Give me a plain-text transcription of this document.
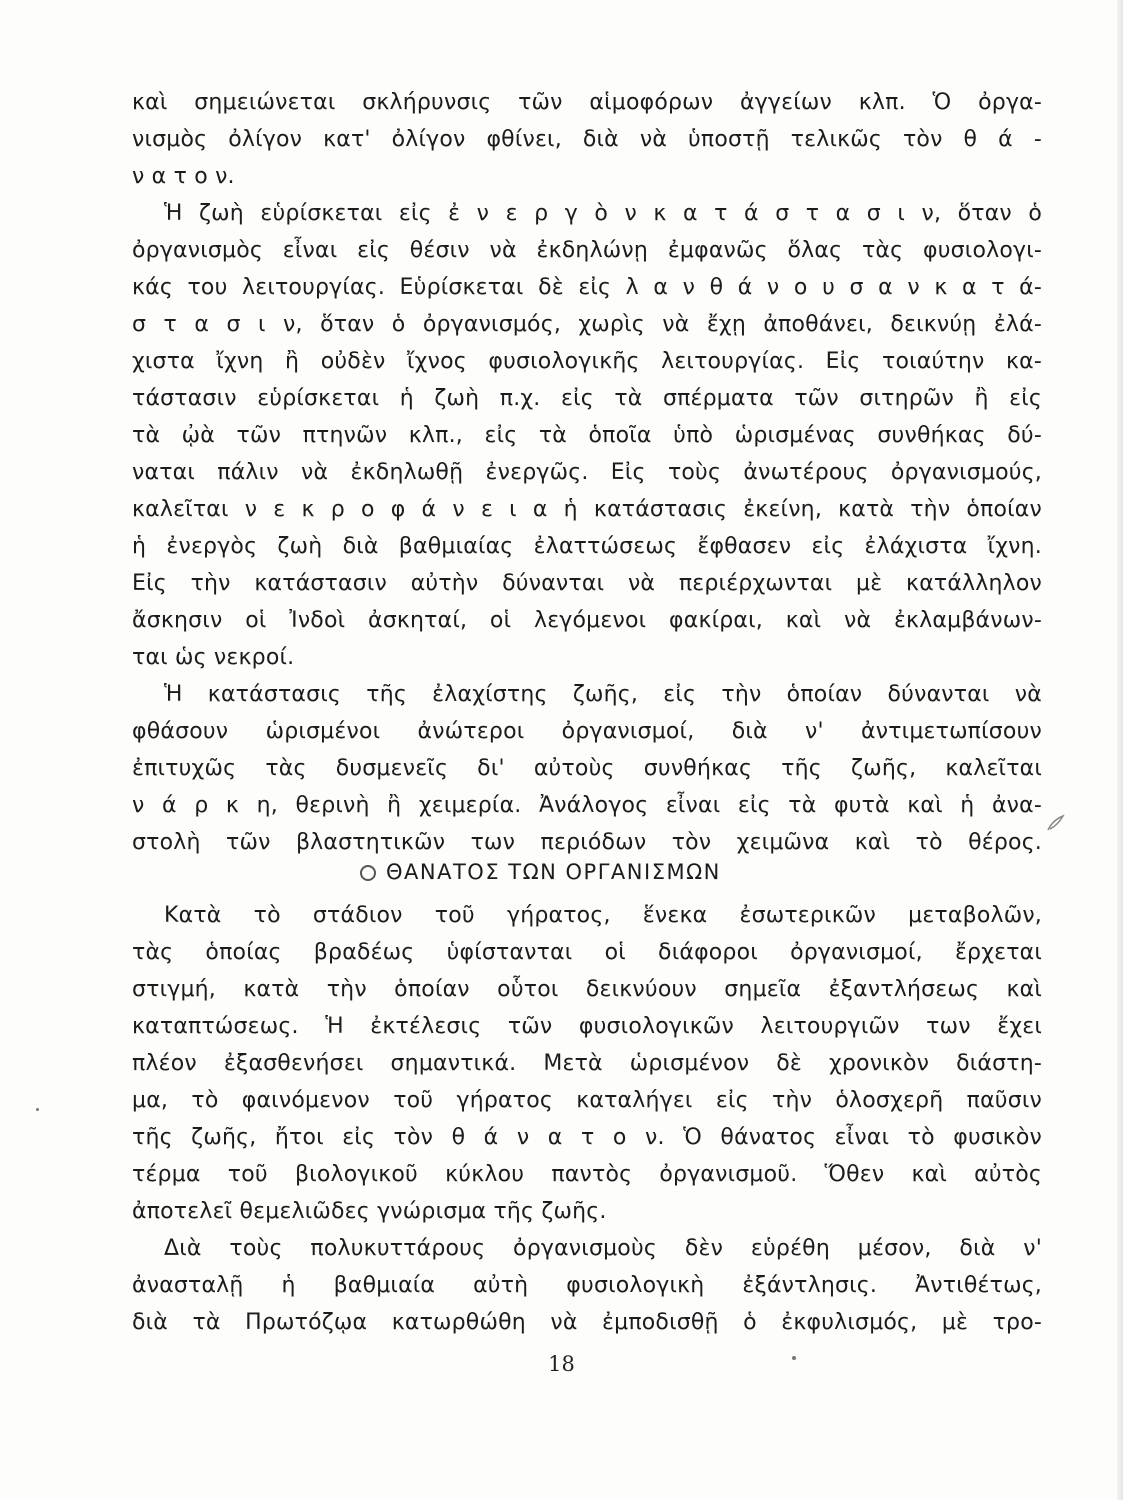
καὶ σημειώνεται σκλήρυνσις τῶν αἱμοφόρων ἀγγείων κλπ. Ὁ ὀργα-
νισμὸς ὀλίγον κατ' ὀλίγον φθίνει, διὰ νὰ ὑποστῇ τελικῶς τὸν θ ά -
ν α τ ο ν.
Ἡ ζωὴ εὑρίσκεται εἰς ἐ ν ε ρ γ ὸ ν κ α τ ά σ τ α σ ι ν, ὅταν ὁ
ὀργανισμὸς εἶναι εἰς θέσιν νὰ ἐκδηλώνῃ ἐμφανῶς ὅλας τὰς φυσιολογι-
κάς του λειτουργίας. Εὑρίσκεται δὲ εἰς λ α ν θ ά ν ο υ σ α ν κ α τ ά-
σ τ α σ ι ν, ὅταν ὁ ὀργανισμός, χωρὶς νὰ ἔχῃ ἀποθάνει, δεικνύῃ ἐλά-
χιστα ἴχνη ἢ οὐδὲν ἴχνος φυσιολογικῆς λειτουργίας. Εἰς τοιαύτην κα-
τάστασιν εὑρίσκεται ἡ ζωὴ π.χ. εἰς τὰ σπέρματα τῶν σιτηρῶν ἢ εἰς
τὰ ᾠὰ τῶν πτηνῶν κλπ., εἰς τὰ ὁποῖα ὑπὸ ὡρισμένας συνθήκας δύ-
ναται πάλιν νὰ ἐκδηλωθῇ ἐνεργῶς. Εἰς τοὺς ἀνωτέρους ὀργανισμούς,
καλεῖται ν ε κ ρ ο φ ά ν ε ι α ἡ κατάστασις ἐκείνη, κατὰ τὴν ὁποίαν
ἡ ἐνεργὸς ζωὴ διὰ βαθμιαίας ἐλαττώσεως ἔφθασεν εἰς ἐλάχιστα ἴχνη.
Εἰς τὴν κατάστασιν αὐτὴν δύνανται νὰ περιέρχωνται μὲ κατάλληλον
ἄσκησιν οἱ Ἰνδοὶ ἀσκηταί, οἱ λεγόμενοι φακίραι, καὶ νὰ ἐκλαμβάνων-
ται ὡς νεκροί.
Ἡ κατάστασις τῆς ἐλαχίστης ζωῆς, εἰς τὴν ὁποίαν δύνανται νὰ
φθάσουν ὡρισμένοι ἀνώτεροι ὀργανισμοί, διὰ ν' ἀντιμετωπίσουν
ἐπιτυχῶς τὰς δυσμενεῖς δι' αὐτοὺς συνθήκας τῆς ζωῆς, καλεῖται
ν ά ρ κ η, θερινὴ ἢ χειμερία. Ἀνάλογος εἶναι εἰς τὰ φυτὰ καὶ ἡ ἀνα-
στολὴ τῶν βλαστητικῶν των περιόδων τὸν χειμῶνα καὶ τὸ θέρος.
ΘΑΝΑΤΟΣ ΤΩΝ ΟΡΓΑΝΙΣΜΩΝ
Κατὰ τὸ στάδιον τοῦ γήρατος, ἕνεκα ἐσωτερικῶν μεταβολῶν,
τὰς ὁποίας βραδέως ὑφίστανται οἱ διάφοροι ὀργανισμοί, ἔρχεται
στιγμή, κατὰ τὴν ὁποίαν οὗτοι δεικνύουν σημεῖα ἐξαντλήσεως καὶ
καταπτώσεως. Ἡ ἐκτέλεσις τῶν φυσιολογικῶν λειτουργιῶν των ἔχει
πλέον ἐξασθενήσει σημαντικά. Μετὰ ὡρισμένον δὲ χρονικὸν διάστη-
μα, τὸ φαινόμενον τοῦ γήρατος καταλήγει εἰς τὴν ὁλοσχερῆ παῦσιν
τῆς ζωῆς, ἤτοι εἰς τὸν θ ά ν α τ ο ν. Ὁ θάνατος εἶναι τὸ φυσικὸν
τέρμα τοῦ βιολογικοῦ κύκλου παντὸς ὀργανισμοῦ. Ὅθεν καὶ αὐτὸς
ἀποτελεῖ θεμελιῶδες γνώρισμα τῆς ζωῆς.
Διὰ τοὺς πολυκυττάρους ὀργανισμοὺς δὲν εὑρέθη μέσον, διὰ ν'
ἀνασταλῇ ἡ βαθμιαία αὐτὴ φυσιολογικὴ ἐξάντλησις. Ἀντιθέτως,
διὰ τὰ Πρωτόζῳα κατωρθώθη νὰ ἐμποδισθῇ ὁ ἐκφυλισμός, μὲ τρο-
18
